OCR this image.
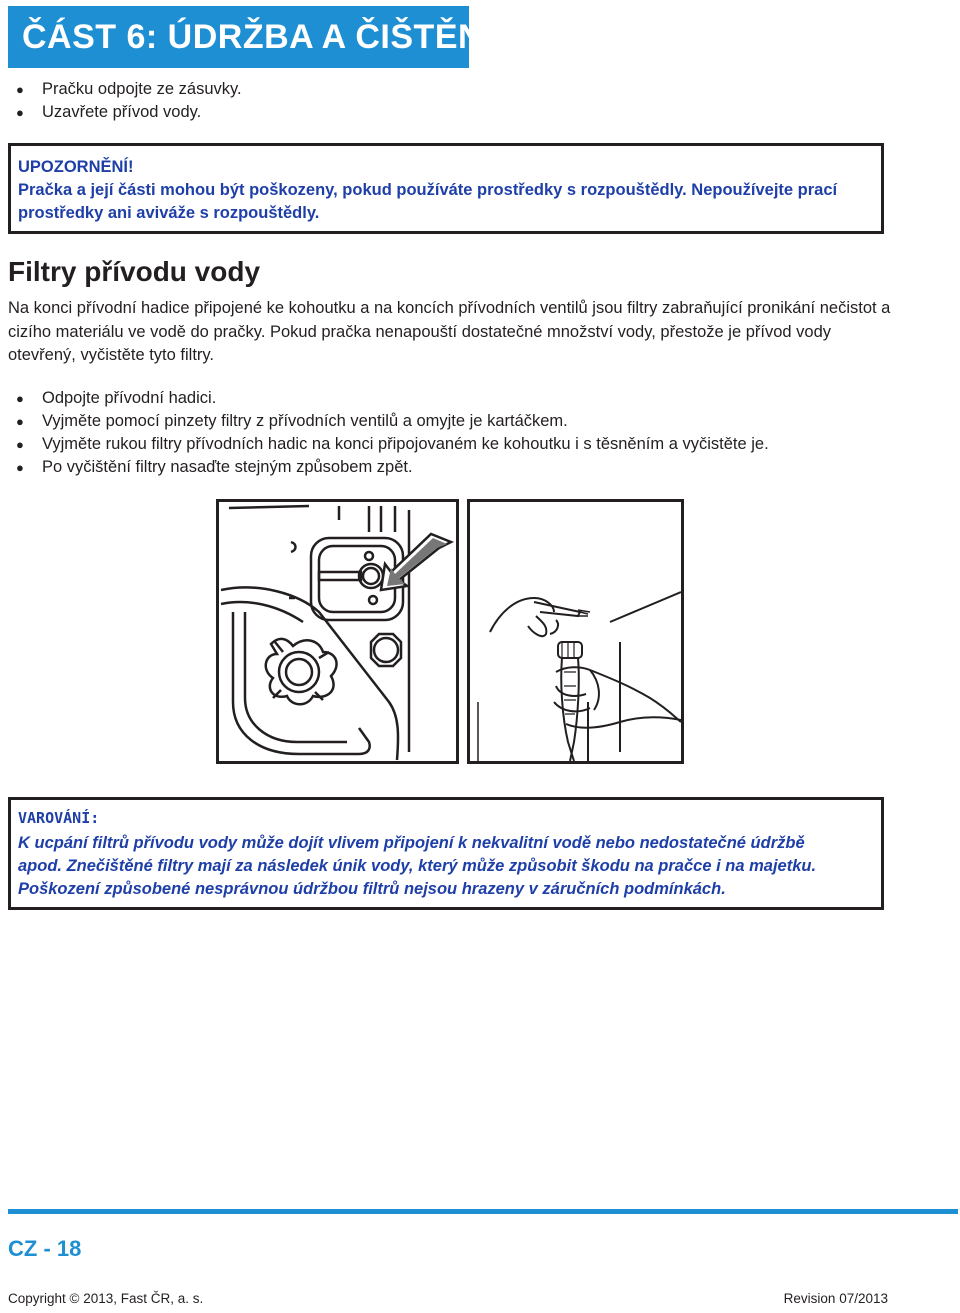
ČÁST 6: ÚDRŽBA A ČIŠTĚNÍ
● Pračku odpojte ze zásuvky.
● Uzavřete přívod vody.
UPOZORNĚNÍ!
Pračka a její části mohou být poškozeny, pokud používáte prostředky s rozpouštědly. Nepoužívejte prací
prostředky ani aviváže s rozpouštědly.
Filtry přívodu vody
Na konci přívodní hadice připojené ke kohoutku a na koncích přívodních ventilů jsou filtry zabraňující pronikání nečistot a cizího materiálu ve vodě do pračky. Pokud pračka nenapouští dostatečné množství vody, přestože je přívod vody otevřený, vyčistěte tyto filtry.
● Odpojte přívodní hadici.
● Vyjměte pomocí pinzety filtry z přívodních ventilů a omyjte je kartáčkem.
● Vyjměte rukou filtry přívodních hadic na konci připojovaném ke kohoutku i s těsněním a vyčistěte je.
● Po vyčištění filtry nasaďte stejným způsobem zpět.
VAROVÁNÍ:
K ucpání filtrů přívodu vody může dojít vlivem připojení k nekvalitní vodě nebo nedostatečné údržbě
apod. Znečištěné filtry mají za následek únik vody, který může způsobit škodu na pračce i na majetku.
Poškození způsobené nesprávnou údržbou filtrů nejsou hrazeny v záručních podmínkách.
CZ - 18
Copyright © 2013, Fast ČR, a. s.	Revision 07/2013
